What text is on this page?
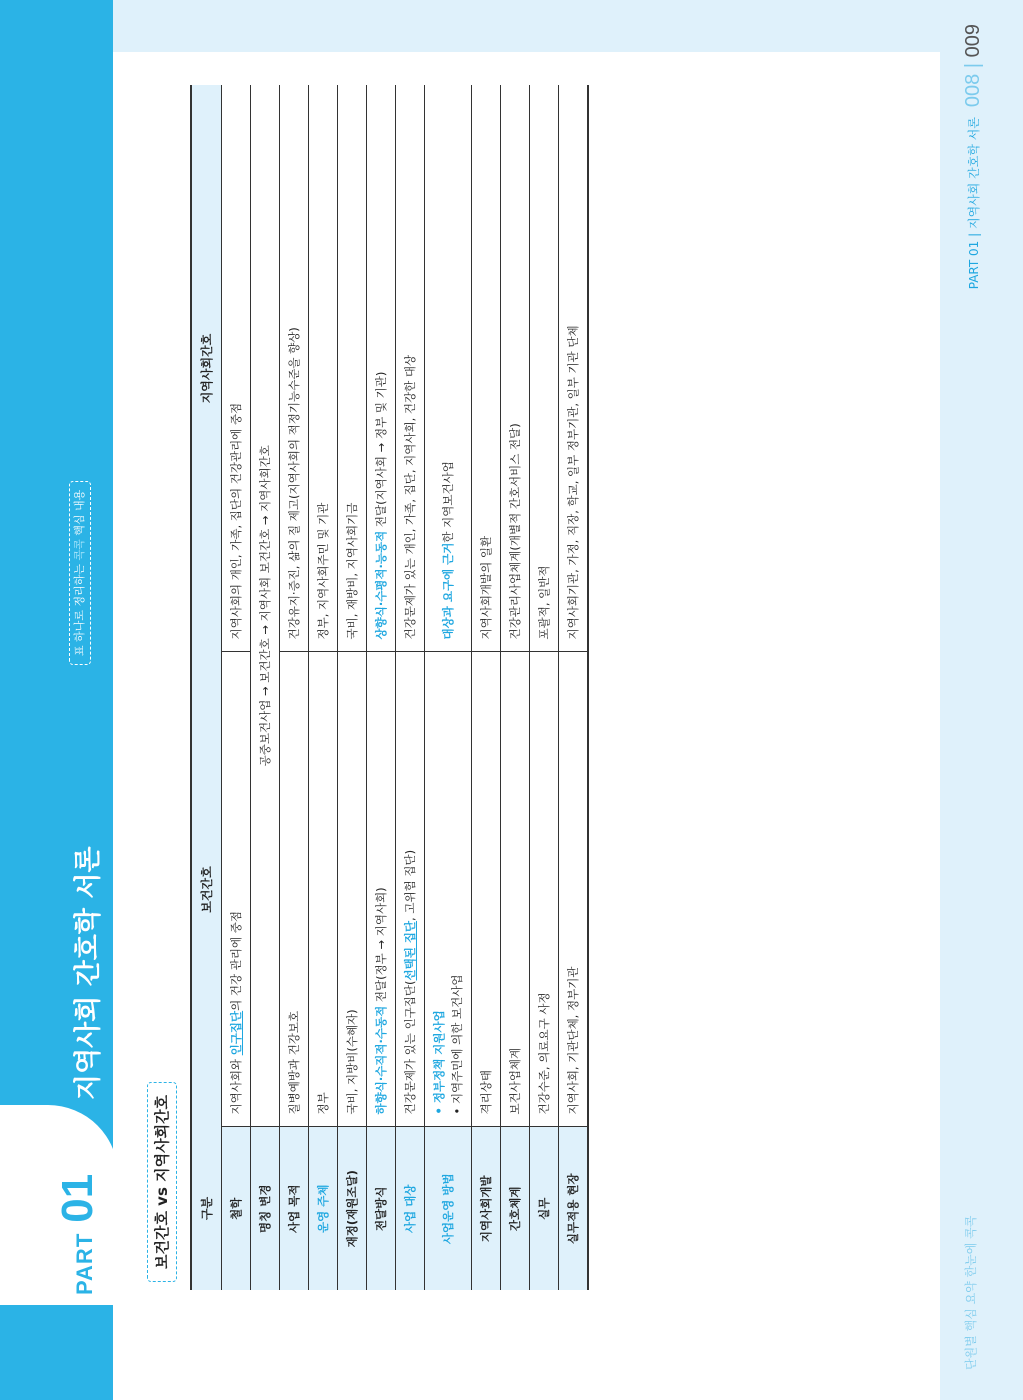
PART
01
지역사회 간호학 서론
표 하나로 정리하는 콕콕 핵심 내용
보건간호 vs 지역사회간호	구분	보건간호	지역사회간호
철학	지역사회와 인구집단의 건강 관리에 중점	지역사회의 개인, 가족, 집단의 건강관리에 중점
명칭 변경	공중보건사업 → 보건간호 → 지역사회 보건간호 → 지역사회간호	
사업 목적	질병예방과 건강보호	건강유지·증진, 삶의 질 제고(지역사회의 적정기능수준을 향상)
운영 주체	정부	정부, 지역사회주민 및 기관
재정(재원조달)	국비, 지방비(수혜자)	국비, 재방비, 지역사회기금
전달방식	하향식·수직적·수동적 전달(정부 → 지역사회)	상향식·수평적·능동적 전달(지역사회 → 정부 및 기관)
사업 대상	건강문제가 있는 인구집단(선택된 집단, 고위험 집단)	건강문제가 있는 개인, 가족, 집단, 지역사회, 건강한 대상
사업운영 방법	• 정부정책 지원사업
• 지역주민에 의한 보건사업	대상과 요구에 근거한 지역보건사업
지역사회개발	격리상태	지역사회개발의 일환
간호체계	보건사업체계	건강관리사업체계(개별적 간호서비스 전달)
실무	건강수준, 의료요구 사정	포괄적, 일반적
실무적용 현장	지역사회, 기관단체, 정부기관	지역사회기관, 가정, 직장, 학교, 일부 정부기관, 일부 기관 단체
단원별 핵심 요약 한눈에 콕콕
PART 01 | 지역사회 간호학 서론
008 | 009
